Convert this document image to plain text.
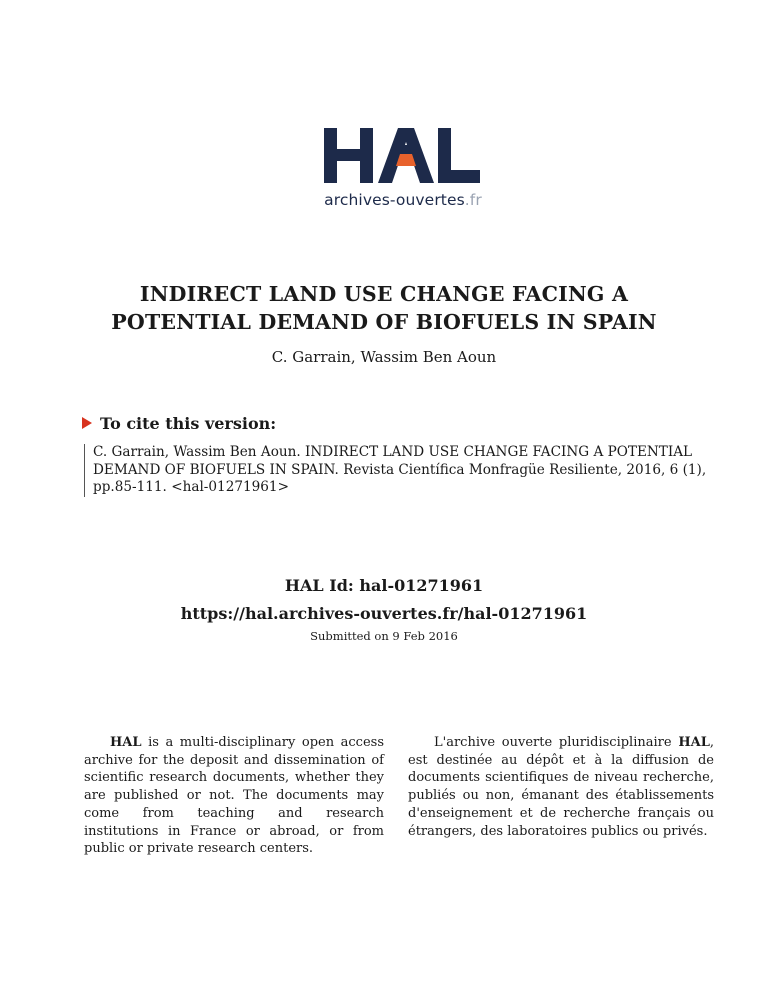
archives-ouvertes.fr
INDIRECT LAND USE CHANGE FACING A
POTENTIAL DEMAND OF BIOFUELS IN SPAIN
C. Garrain, Wassim Ben Aoun
To cite this version:
C. Garrain, Wassim Ben Aoun. INDIRECT LAND USE CHANGE FACING A POTENTIAL
DEMAND OF BIOFUELS IN SPAIN. Revista Científica Monfragüe Resiliente, 2016, 6 (1),
pp.85-111. <hal-01271961>
HAL Id: hal-01271961
https://hal.archives-ouvertes.fr/hal-01271961
Submitted on 9 Feb 2016

HAL is a multi-disciplinary open access archive for the deposit and dissemination of scientific research documents, whether they are published or not. The documents may come from teaching and research institutions in France or abroad, or from public or private research centers.

L'archive ouverte pluridisciplinaire HAL, est destinée au dépôt et à la diffusion de documents scientifiques de niveau recherche, publiés ou non, émanant des établissements d'enseignement et de recherche français ou étrangers, des laboratoires publics ou privés.
